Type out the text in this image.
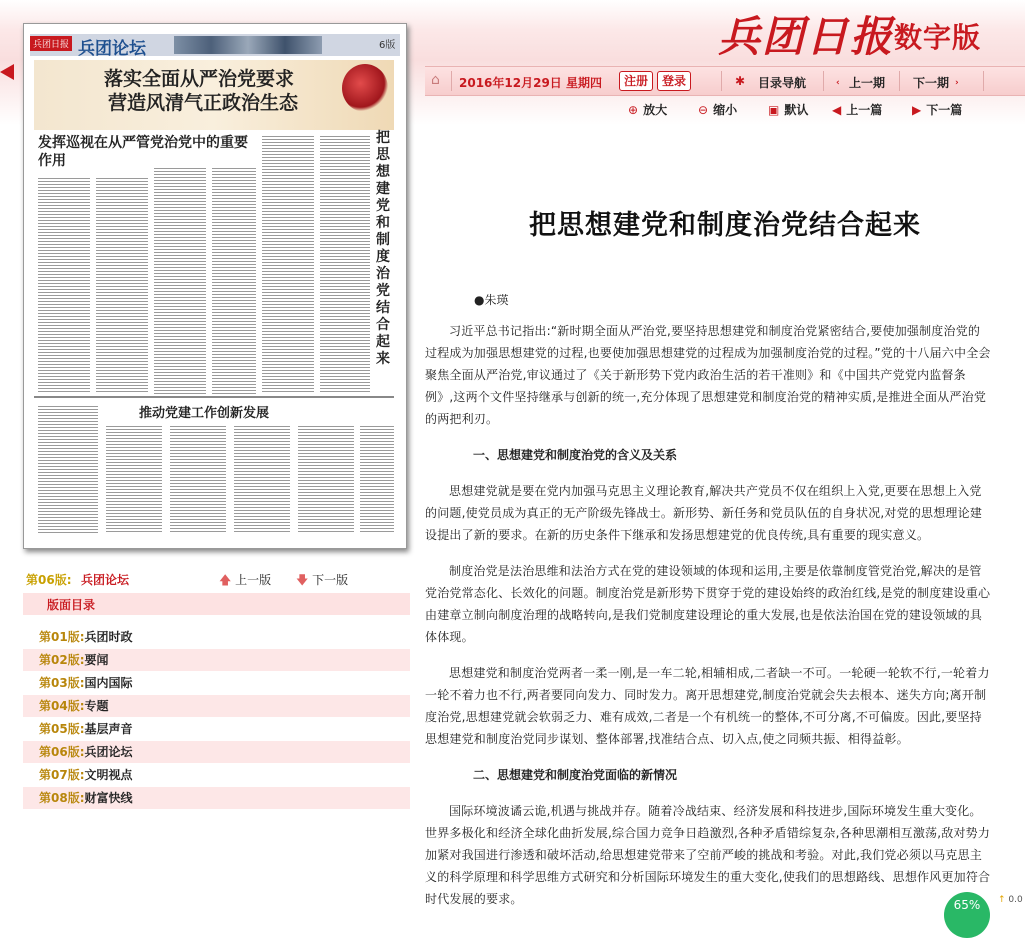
兵团日报数字版
⌂	2016年12月29日 星期四	注册	登录	✱ 目录导航	‹ 上一期 下一期 ›
⊕ 放大	⊖ 缩小	▣ 默认 ◀ 上一篇 ▶ 下一篇
兵团日报 兵团论坛	6版
落实全面从严治党要求
营造风清气正政治生态
发挥巡视在从严管党治党中的重要作用
把思想建党和制度治党结合起来
推动党建工作创新发展
第06版: 兵团论坛	🡅 上一版 🡇 下一版
版面目录
第01版:兵团时政
第02版:要闻
第03版:国内国际
第04版:专题
第05版:基层声音
第06版:兵团论坛
第07版:文明视点
第08版:财富快线
把思想建党和制度治党结合起来
●朱瑛

习近平总书记指出:“新时期全面从严治党,要坚持思想建党和制度治党紧密结合,要使加强制度治党的过程成为加强思想建党的过程,也要使加强思想建党的过程成为加强制度治党的过程。”党的十八届六中全会聚焦全面从严治党,审议通过了《关于新形势下党内政治生活的若干准则》和《中国共产党党内监督条例》,这两个文件坚持继承与创新的统一,充分体现了思想建党和制度治党的精神实质,是推进全面从严治党的两把利刃。

一、思想建党和制度治党的含义及关系

思想建党就是要在党内加强马克思主义理论教育,解决共产党员不仅在组织上入党,更要在思想上入党的问题,使党员成为真正的无产阶级先锋战士。新形势、新任务和党员队伍的自身状况,对党的思想理论建设提出了新的要求。在新的历史条件下继承和发扬思想建党的优良传统,具有重要的现实意义。

制度治党是法治思维和法治方式在党的建设领域的体现和运用,主要是依靠制度管党治党,解决的是管党治党常态化、长效化的问题。制度治党是新形势下贯穿于党的建设始终的政治红线,是党的制度建设重心由建章立制向制度治理的战略转向,是我们党制度建设理论的重大发展,也是依法治国在党的建设领域的具体体现。

思想建党和制度治党两者一柔一刚,是一车二轮,相辅相成,二者缺一不可。一轮硬一轮软不行,一轮着力一轮不着力也不行,两者要同向发力、同时发力。离开思想建党,制度治党就会失去根本、迷失方向;离开制度治党,思想建党就会软弱乏力、难有成效,二者是一个有机统一的整体,不可分离,不可偏废。因此,要坚持思想建党和制度治党同步谋划、整体部署,找准结合点、切入点,使之同频共振、相得益彰。

二、思想建党和制度治党面临的新情况

国际环境波谲云诡,机遇与挑战并存。随着冷战结束、经济发展和科技进步,国际环境发生重大变化。世界多极化和经济全球化曲折发展,综合国力竞争日趋激烈,各种矛盾错综复杂,各种思潮相互激荡,敌对势力加紧对我国进行渗透和破坏活动,给思想建党带来了空前严峻的挑战和考验。对此,我们党必须以马克思主义的科学原理和科学思维方式研究和分析国际环境发生的重大变化,使我们的思想路线、思想作风更加符合时代发展的要求。	65%	↑ 0.0
